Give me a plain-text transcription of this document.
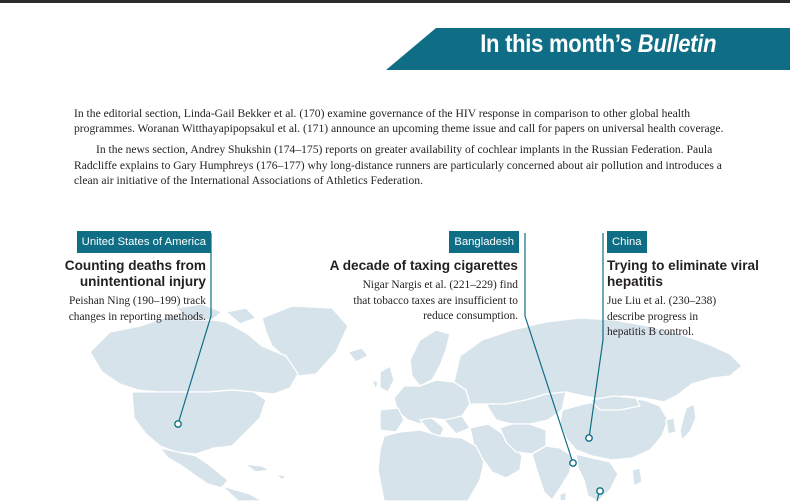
In this month’s Bulletin

In the editorial section, Linda-Gail Bekker et al. (170) examine governance of the HIV response in comparison to other global health programmes. Woranan Witthayapipopsakul et al. (171) announce an upcoming theme issue and call for papers on universal health coverage.

In the news section, Andrey Shukshin (174–175) reports on greater availability of cochlear implants in the Russian Federation. Paula Radcliffe explains to Gary Humphreys (176–177) why long-distance runners are particularly concerned about air pollution and introduces a clean air initiative of the International Associations of Athletics Federation.

United States of America
Counting deaths from unintentional injury
Peishan Ning (190–199) track changes in reporting methods.
Bangladesh
A decade of taxing cigarettes
Nigar Nargis et al. (221–229) find that tobacco taxes are insufficient to reduce consumption.
China
Trying to eliminate viral hepatitis
Jue Liu et al. (230–238) describe progress in hepatitis B control.
